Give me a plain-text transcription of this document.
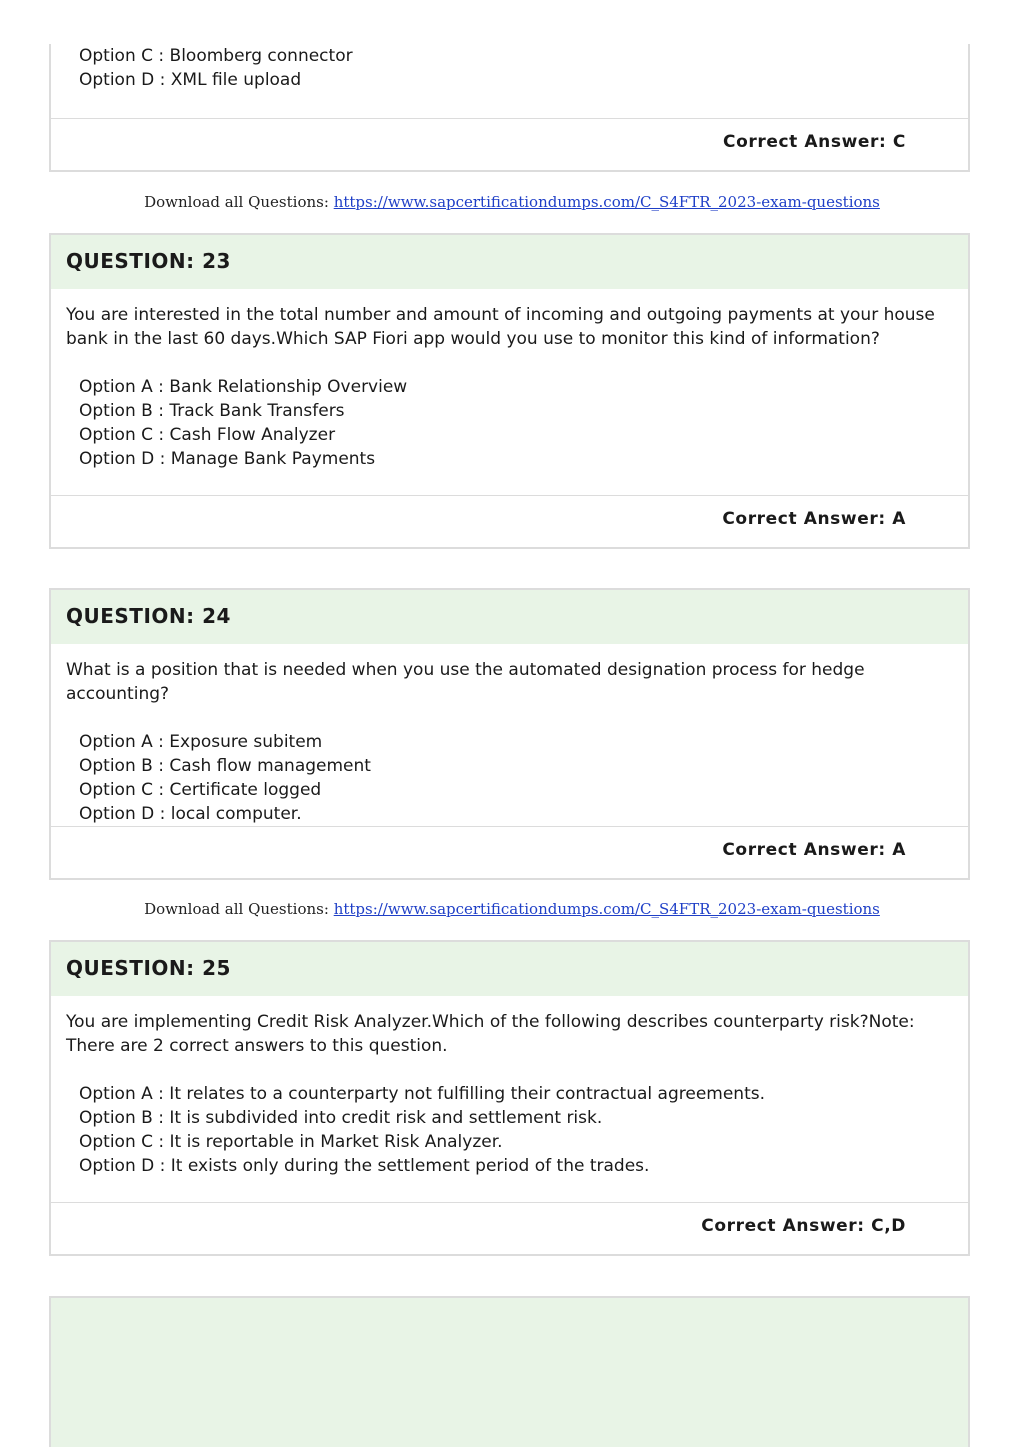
Option C : Bloomberg connector
Option D : XML file upload
Correct Answer: C
Download all Questions: https://www.sapcertificationdumps.com/C_S4FTR_2023-exam-questions
QUESTION: 23

You are interested in the total number and amount of incoming and outgoing payments at your house bank in the last 60 days.Which SAP Fiori app would you use to monitor this kind of information?

Option A : Bank Relationship Overview
Option B : Track Bank Transfers
Option C : Cash Flow Analyzer
Option D : Manage Bank Payments
Correct Answer: A
QUESTION: 24

What is a position that is needed when you use the automated designation process for hedge accounting?

Option A : Exposure subitem
Option B : Cash flow management
Option C : Certificate logged
Option D : local computer.
Correct Answer: A
Download all Questions: https://www.sapcertificationdumps.com/C_S4FTR_2023-exam-questions
QUESTION: 25

You are implementing Credit Risk Analyzer.Which of the following describes counterparty risk?Note: There are 2 correct answers to this question.

Option A : It relates to a counterparty not fulfilling their contractual agreements.
Option B : It is subdivided into credit risk and settlement risk.
Option C : It is reportable in Market Risk Analyzer.
Option D : It exists only during the settlement period of the trades.
Correct Answer: C,D
